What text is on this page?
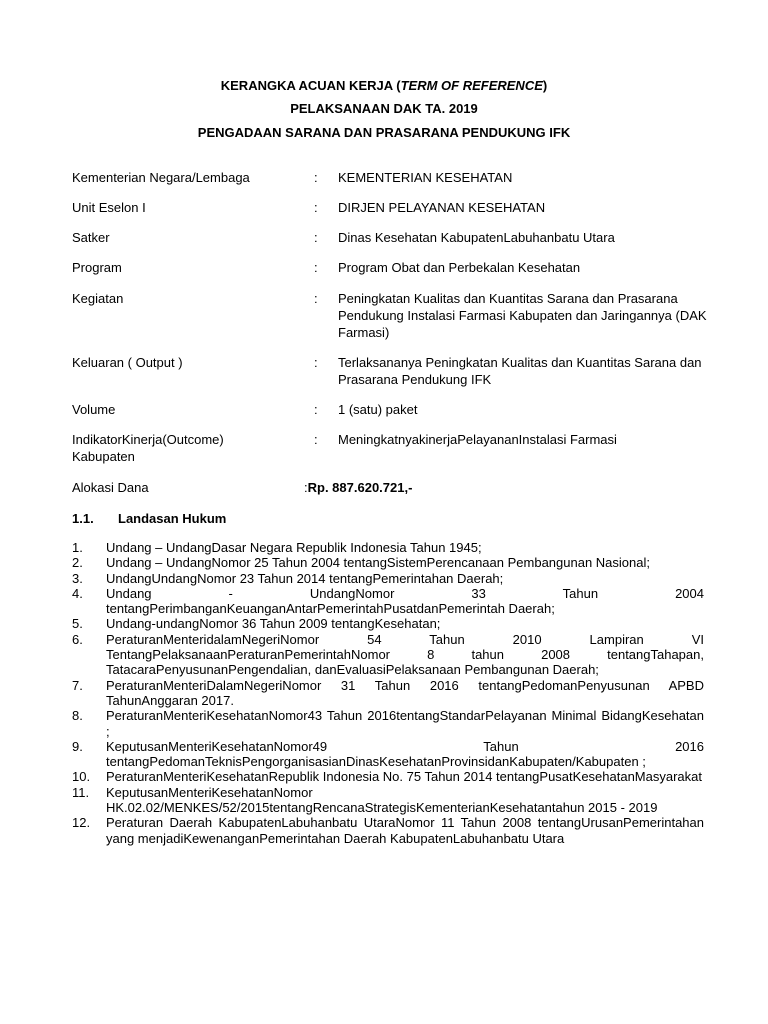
KERANGKA ACUAN KERJA (TERM OF REFERENCE)
PELAKSANAAN DAK TA. 2019
PENGADAAN SARANA DAN PRASARANA PENDUKUNG IFK
Kementerian Negara/Lembaga	: KEMENTERIAN KESEHATAN
Unit Eselon I	: DIRJEN PELAYANAN KESEHATAN
Satker	: Dinas Kesehatan KabupatenLabuhanbatu Utara
Program	: Program Obat dan Perbekalan Kesehatan
Kegiatan	: Peningkatan Kualitas dan Kuantitas Sarana dan Prasarana Pendukung Instalasi Farmasi Kabupaten dan Jaringannya (DAK Farmasi)
Keluaran ( Output )	: Terlaksananya Peningkatan Kualitas dan Kuantitas Sarana dan Prasarana Pendukung IFK
Volume	: 1 (satu) paket
IndikatorKinerja(Outcome) Kabupaten
: MeningkatnyakinerjaPelayananInstalasi Farmasi
Alokasi Dana	:Rp. 887.620.721,-
1.1. Landasan Hukum
1. Undang – UndangDasar Negara Republik Indonesia Tahun 1945;
2. Undang – UndangNomor 25 Tahun 2004 tentangSistemPerencanaan Pembangunan Nasional;
3. UndangUndangNomor 23 Tahun 2014 tentangPemerintahan Daerah;
4. Undang - UndangNomor 33 Tahun 2004 tentangPerimbanganKeuanganAntarPemerintahPusatdanPemerintah Daerah;
5. Undang-undangNomor 36 Tahun 2009 tentangKesehatan;
6. PeraturanMenteridalamNegeriNomor 54 Tahun 2010 Lampiran VI TentangPelaksanaanPeraturanPemerintahNomor 8 tahun 2008 tentangTahapan, TatacaraPenyusunanPengendalian, danEvaluasiPelaksanaan Pembangunan Daerah;
7. PeraturanMenteriDalamNegeriNomor 31 Tahun 2016 tentangPedomanPenyusunan APBD TahunAnggaran 2017.
8. PeraturanMenteriKesehatanNomor43 Tahun 2016tentangStandarPelayanan Minimal BidangKesehatan ;
9. KeputusanMenteriKesehatanNomor49 Tahun 2016 tentangPedomanTeknisPengorganisasianDinasKesehatanProvinsidanKabupaten/Kabupaten ;
10. PeraturanMenteriKesehatanRepublik Indonesia No. 75 Tahun 2014 tentangPusatKesehatanMasyarakat
11. KeputusanMenteriKesehatanNomor HK.02.02/MENKES/52/2015tentangRencanaStrategisKementerianKesehatantahun 2015 - 2019
12. Peraturan Daerah KabupatenLabuhanbatu UtaraNomor 11 Tahun 2008 tentangUrusanPemerintahan yang menjadiKewenanganPemerintahan Daerah KabupatenLabuhanbatu Utara
